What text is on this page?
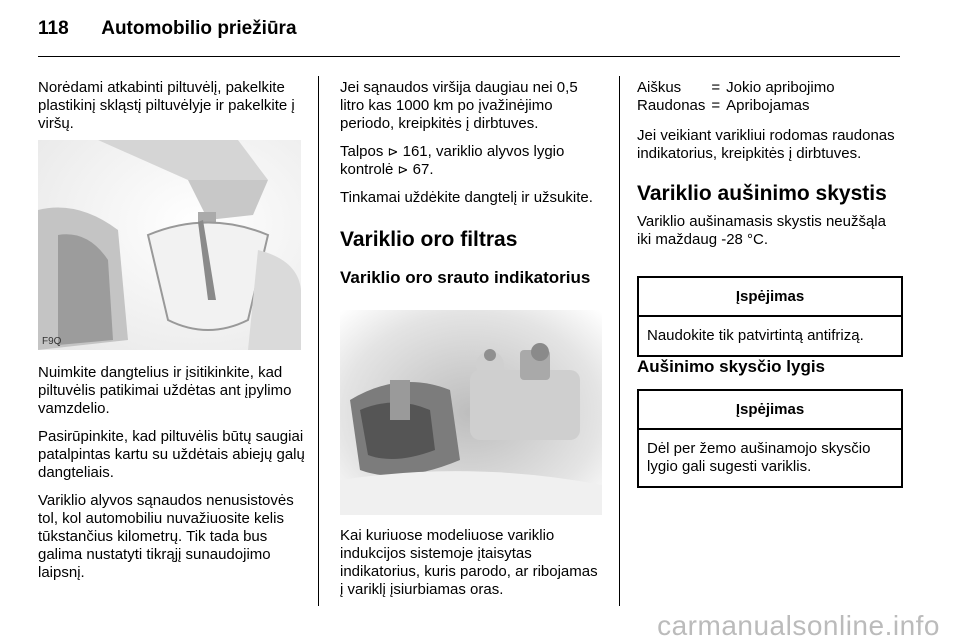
118 Automobilio priežiūra

Norėdami atkabinti piltuvėlį, pakelkite plastikinį skląstį piltuvėlyje ir pakelkite į viršų.

F9Q

Nuimkite dangtelius ir įsitikinkite, kad piltuvėlis patikimai uždėtas ant įpylimo vamzdelio.

Pasirūpinkite, kad piltuvėlis būtų saugiai patalpintas kartu su uždėtais abiejų galų dangteliais.

Variklio alyvos sąnaudos nenusistovės tol, kol automobiliu nuvažiuosite kelis tūkstančius kilometrų. Tik tada bus galima nustatyti tikrąjį sunaudojimo laipsnį.

Jei sąnaudos viršija daugiau nei 0,5 litro kas 1000 km po įvažinėjimo periodo, kreipkitės į dirbtuves.

Talpos ⊳ 161, variklio alyvos lygio kontrolė ⊳ 67.

Tinkamai uždėkite dangtelį ir užsukite.

Variklio oro filtras
Variklio oro srauto indikatorius

Kai kuriuose modeliuose variklio indukcijos sistemoje įtaisytas indikatorius, kuris parodo, ar ribojamas į variklį įsiurbiamas oras.

Aiškus	=	Jokio apribojimo
Raudonas	=	Apribojamas

Jei veikiant varikliui rodomas raudonas indikatorius, kreipkitės į dirbtuves.

Variklio aušinimo skystis

Variklio aušinamasis skystis neužšąla iki maždaug -28 °C.

Įspėjimas
Naudokite tik patvirtintą antifrizą.
Aušinimo skysčio lygis
Įspėjimas
Dėl per žemo aušinamojo skysčio lygio gali sugesti variklis.
carmanualsonline.info
